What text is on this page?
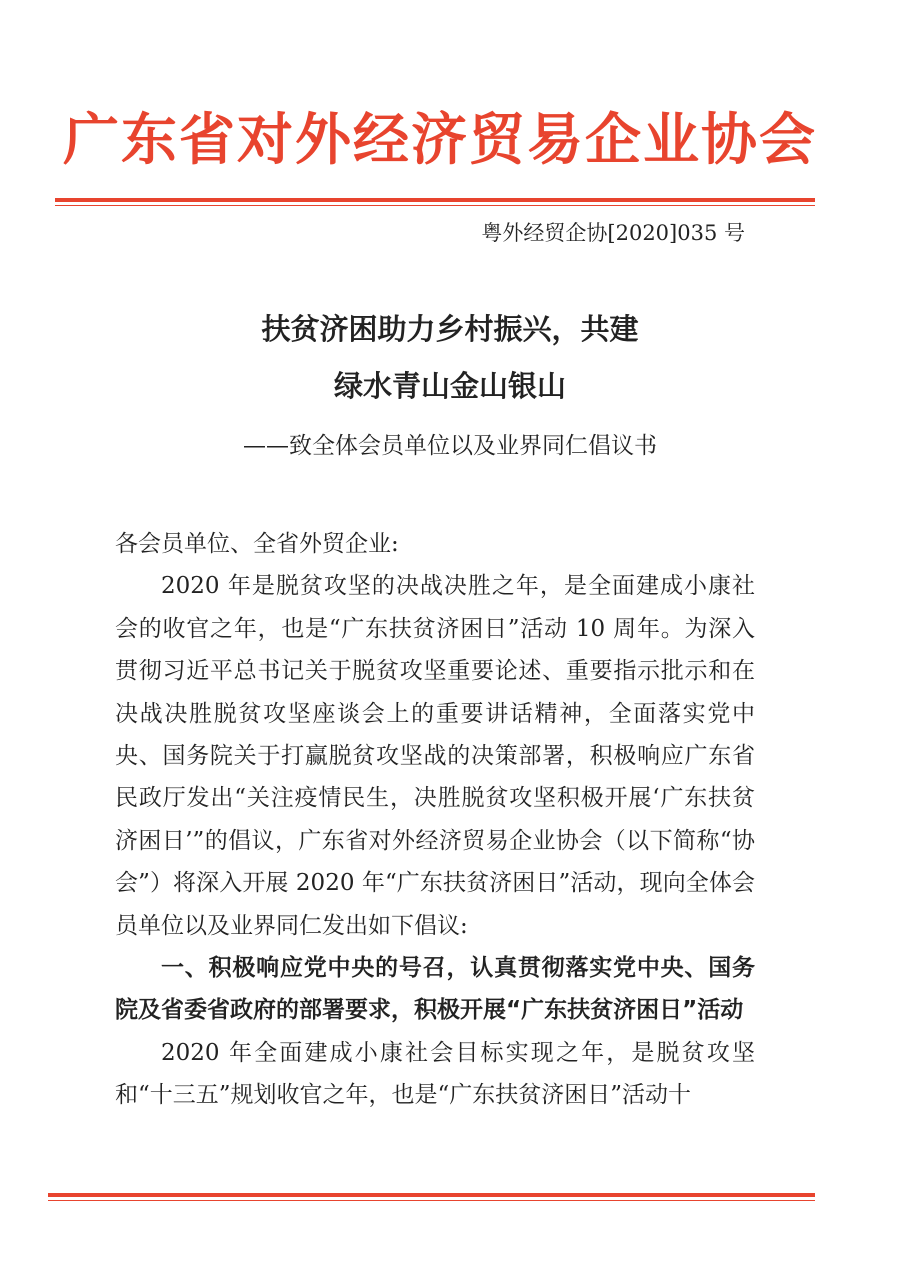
广东省对外经济贸易企业协会
粤外经贸企协[2020]035 号
扶贫济困助力乡村振兴，共建
绿水青山金山银山
——致全体会员单位以及业界同仁倡议书

各会员单位、全省外贸企业:

2020 年是脱贫攻坚的决战决胜之年，是全面建成小康社会的收官之年，也是“广东扶贫济困日”活动 10 周年。为深入贯彻习近平总书记关于脱贫攻坚重要论述、重要指示批示和在决战决胜脱贫攻坚座谈会上的重要讲话精神，全面落实党中央、国务院关于打赢脱贫攻坚战的决策部署，积极响应广东省民政厅发出“关注疫情民生，决胜脱贫攻坚积极开展‘广东扶贫济困日’”的倡议，广东省对外经济贸易企业协会（以下简称“协会”）将深入开展 2020 年“广东扶贫济困日”活动，现向全体会员单位以及业界同仁发出如下倡议:

一、积极响应党中央的号召，认真贯彻落实党中央、国务院及省委省政府的部署要求，积极开展“广东扶贫济困日”活动

2020 年全面建成小康社会目标实现之年，是脱贫攻坚和“十三五”规划收官之年，也是“广东扶贫济困日”活动十
